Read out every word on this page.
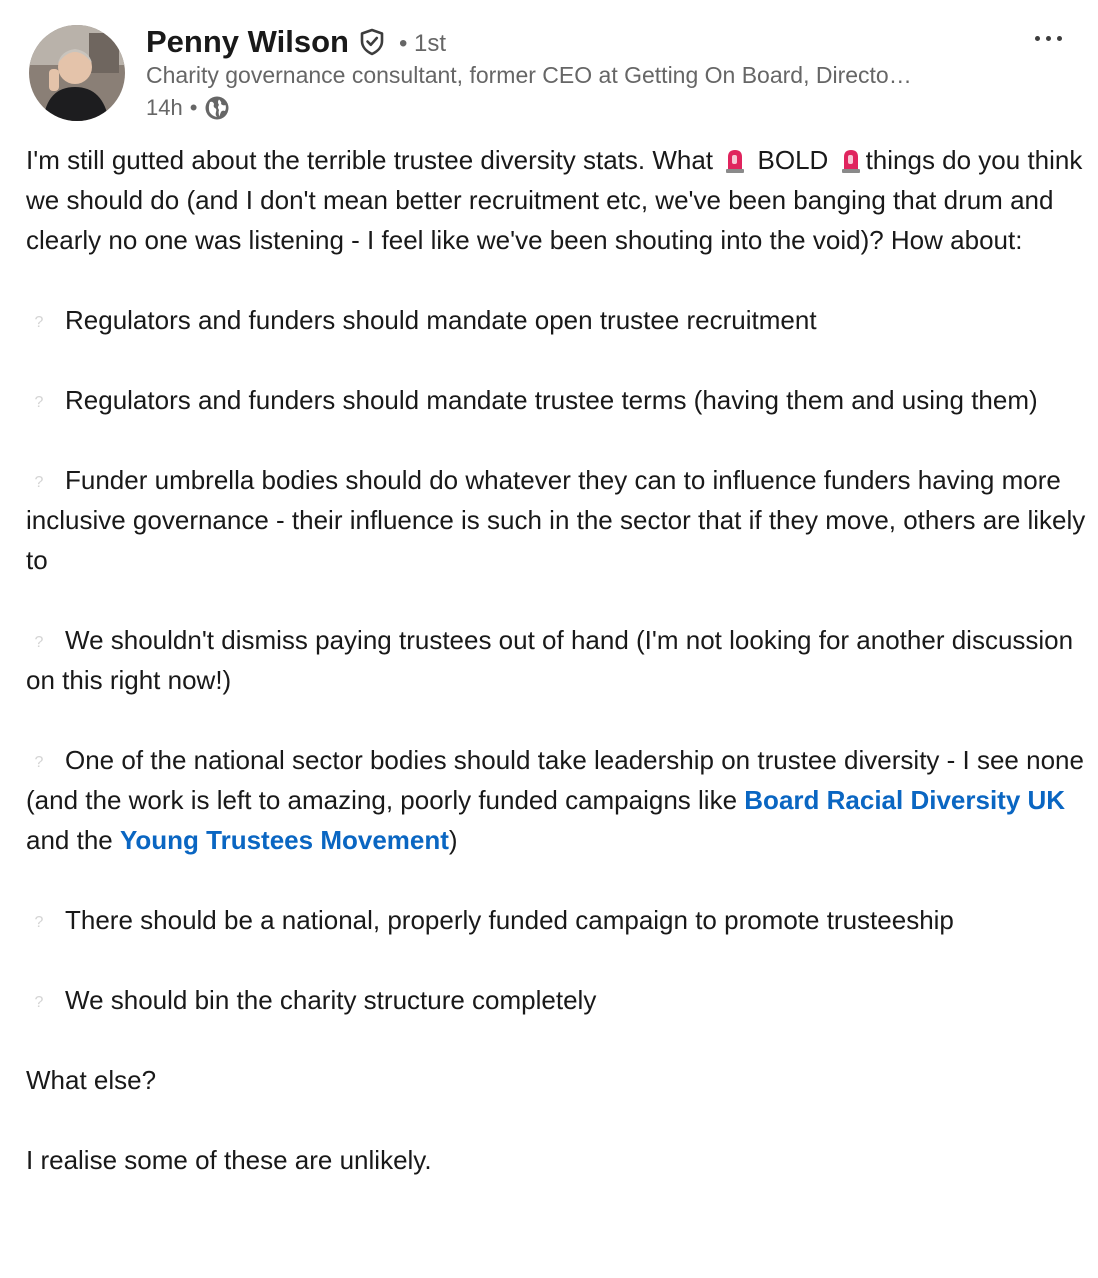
Penny Wilson • 1st
Charity governance consultant, former CEO at Getting On Board, Directo…
14h •

I'm still gutted about the terrible trustee diversity stats. What BOLD things do you think we should do (and I don't mean better recruitment etc, we've been banging that drum and clearly no one was listening - I feel like we've been shouting into the void)? How about:

? Regulators and funders should mandate open trustee recruitment

? Regulators and funders should mandate trustee terms (having them and using them)

? Funder umbrella bodies should do whatever they can to influence funders having more inclusive governance - their influence is such in the sector that if they move, others are likely to

? We shouldn't dismiss paying trustees out of hand (I'm not looking for another discussion on this right now!)

? One of the national sector bodies should take leadership on trustee diversity - I see none (and the work is left to amazing, poorly funded campaigns like Board Racial Diversity UK and the Young Trustees Movement)

? There should be a national, properly funded campaign to promote trusteeship

? We should bin the charity structure completely

What else?

I realise some of these are unlikely.
